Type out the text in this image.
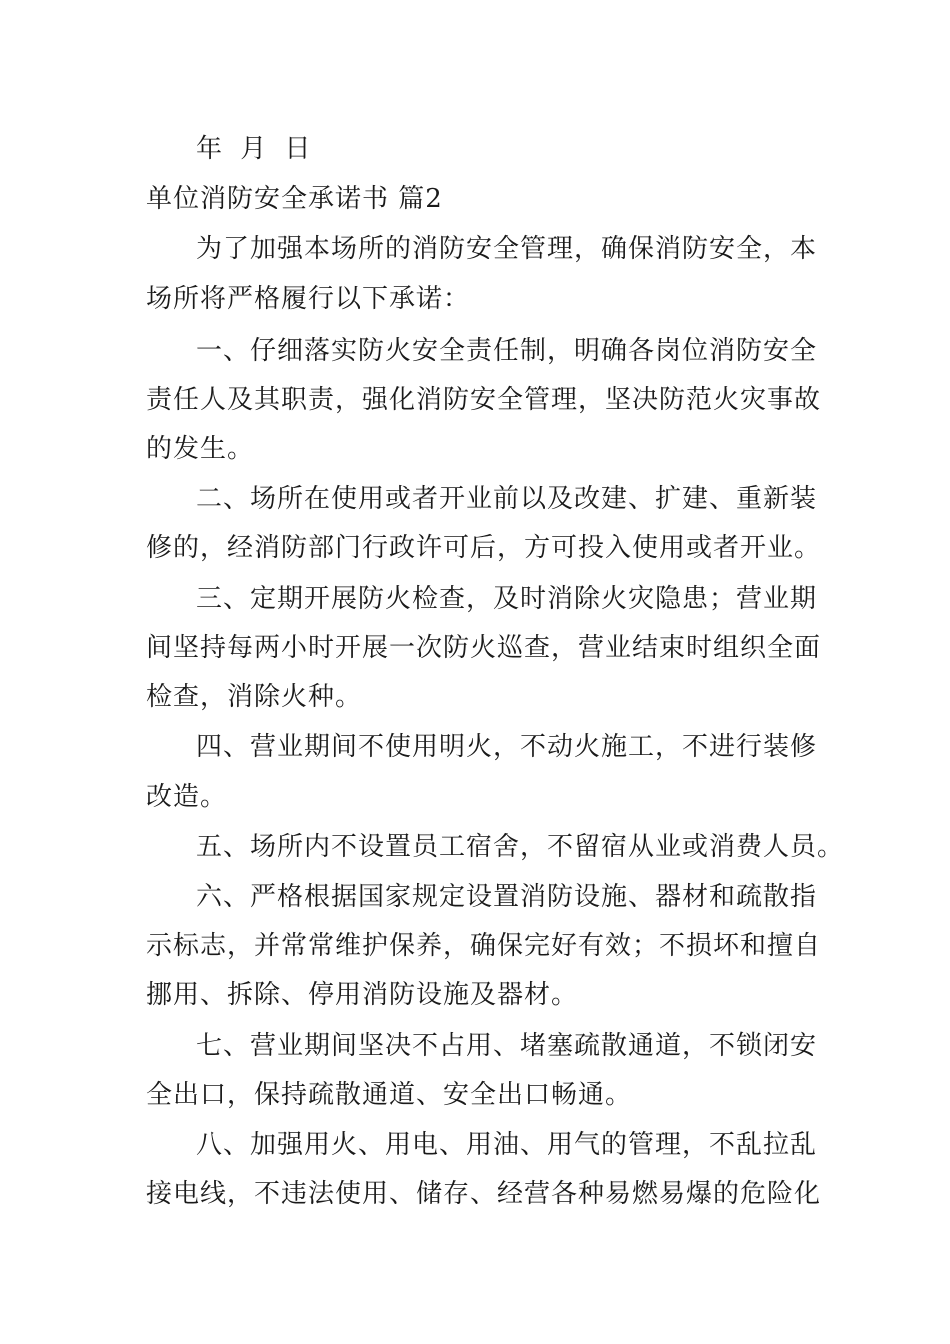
年 月 日
单位消防安全承诺书 篇2
为了加强本场所的消防安全管理，确保消防安全，本
场所将严格履行以下承诺：
一、仔细落实防火安全责任制，明确各岗位消防安全
责任人及其职责，强化消防安全管理，坚决防范火灾事故
的发生。
二、场所在使用或者开业前以及改建、扩建、重新装
修的，经消防部门行政许可后，方可投入使用或者开业。
三、定期开展防火检查，及时消除火灾隐患；营业期
间坚持每两小时开展一次防火巡查，营业结束时组织全面
检查，消除火种。
四、营业期间不使用明火，不动火施工，不进行装修
改造。
五、场所内不设置员工宿舍，不留宿从业或消费人员。
六、严格根据国家规定设置消防设施、器材和疏散指
示标志，并常常维护保养，确保完好有效；不损坏和擅自
挪用、拆除、停用消防设施及器材。
七、营业期间坚决不占用、堵塞疏散通道，不锁闭安
全出口，保持疏散通道、安全出口畅通。
八、加强用火、用电、用油、用气的管理，不乱拉乱
接电线，不违法使用、储存、经营各种易燃易爆的危险化
